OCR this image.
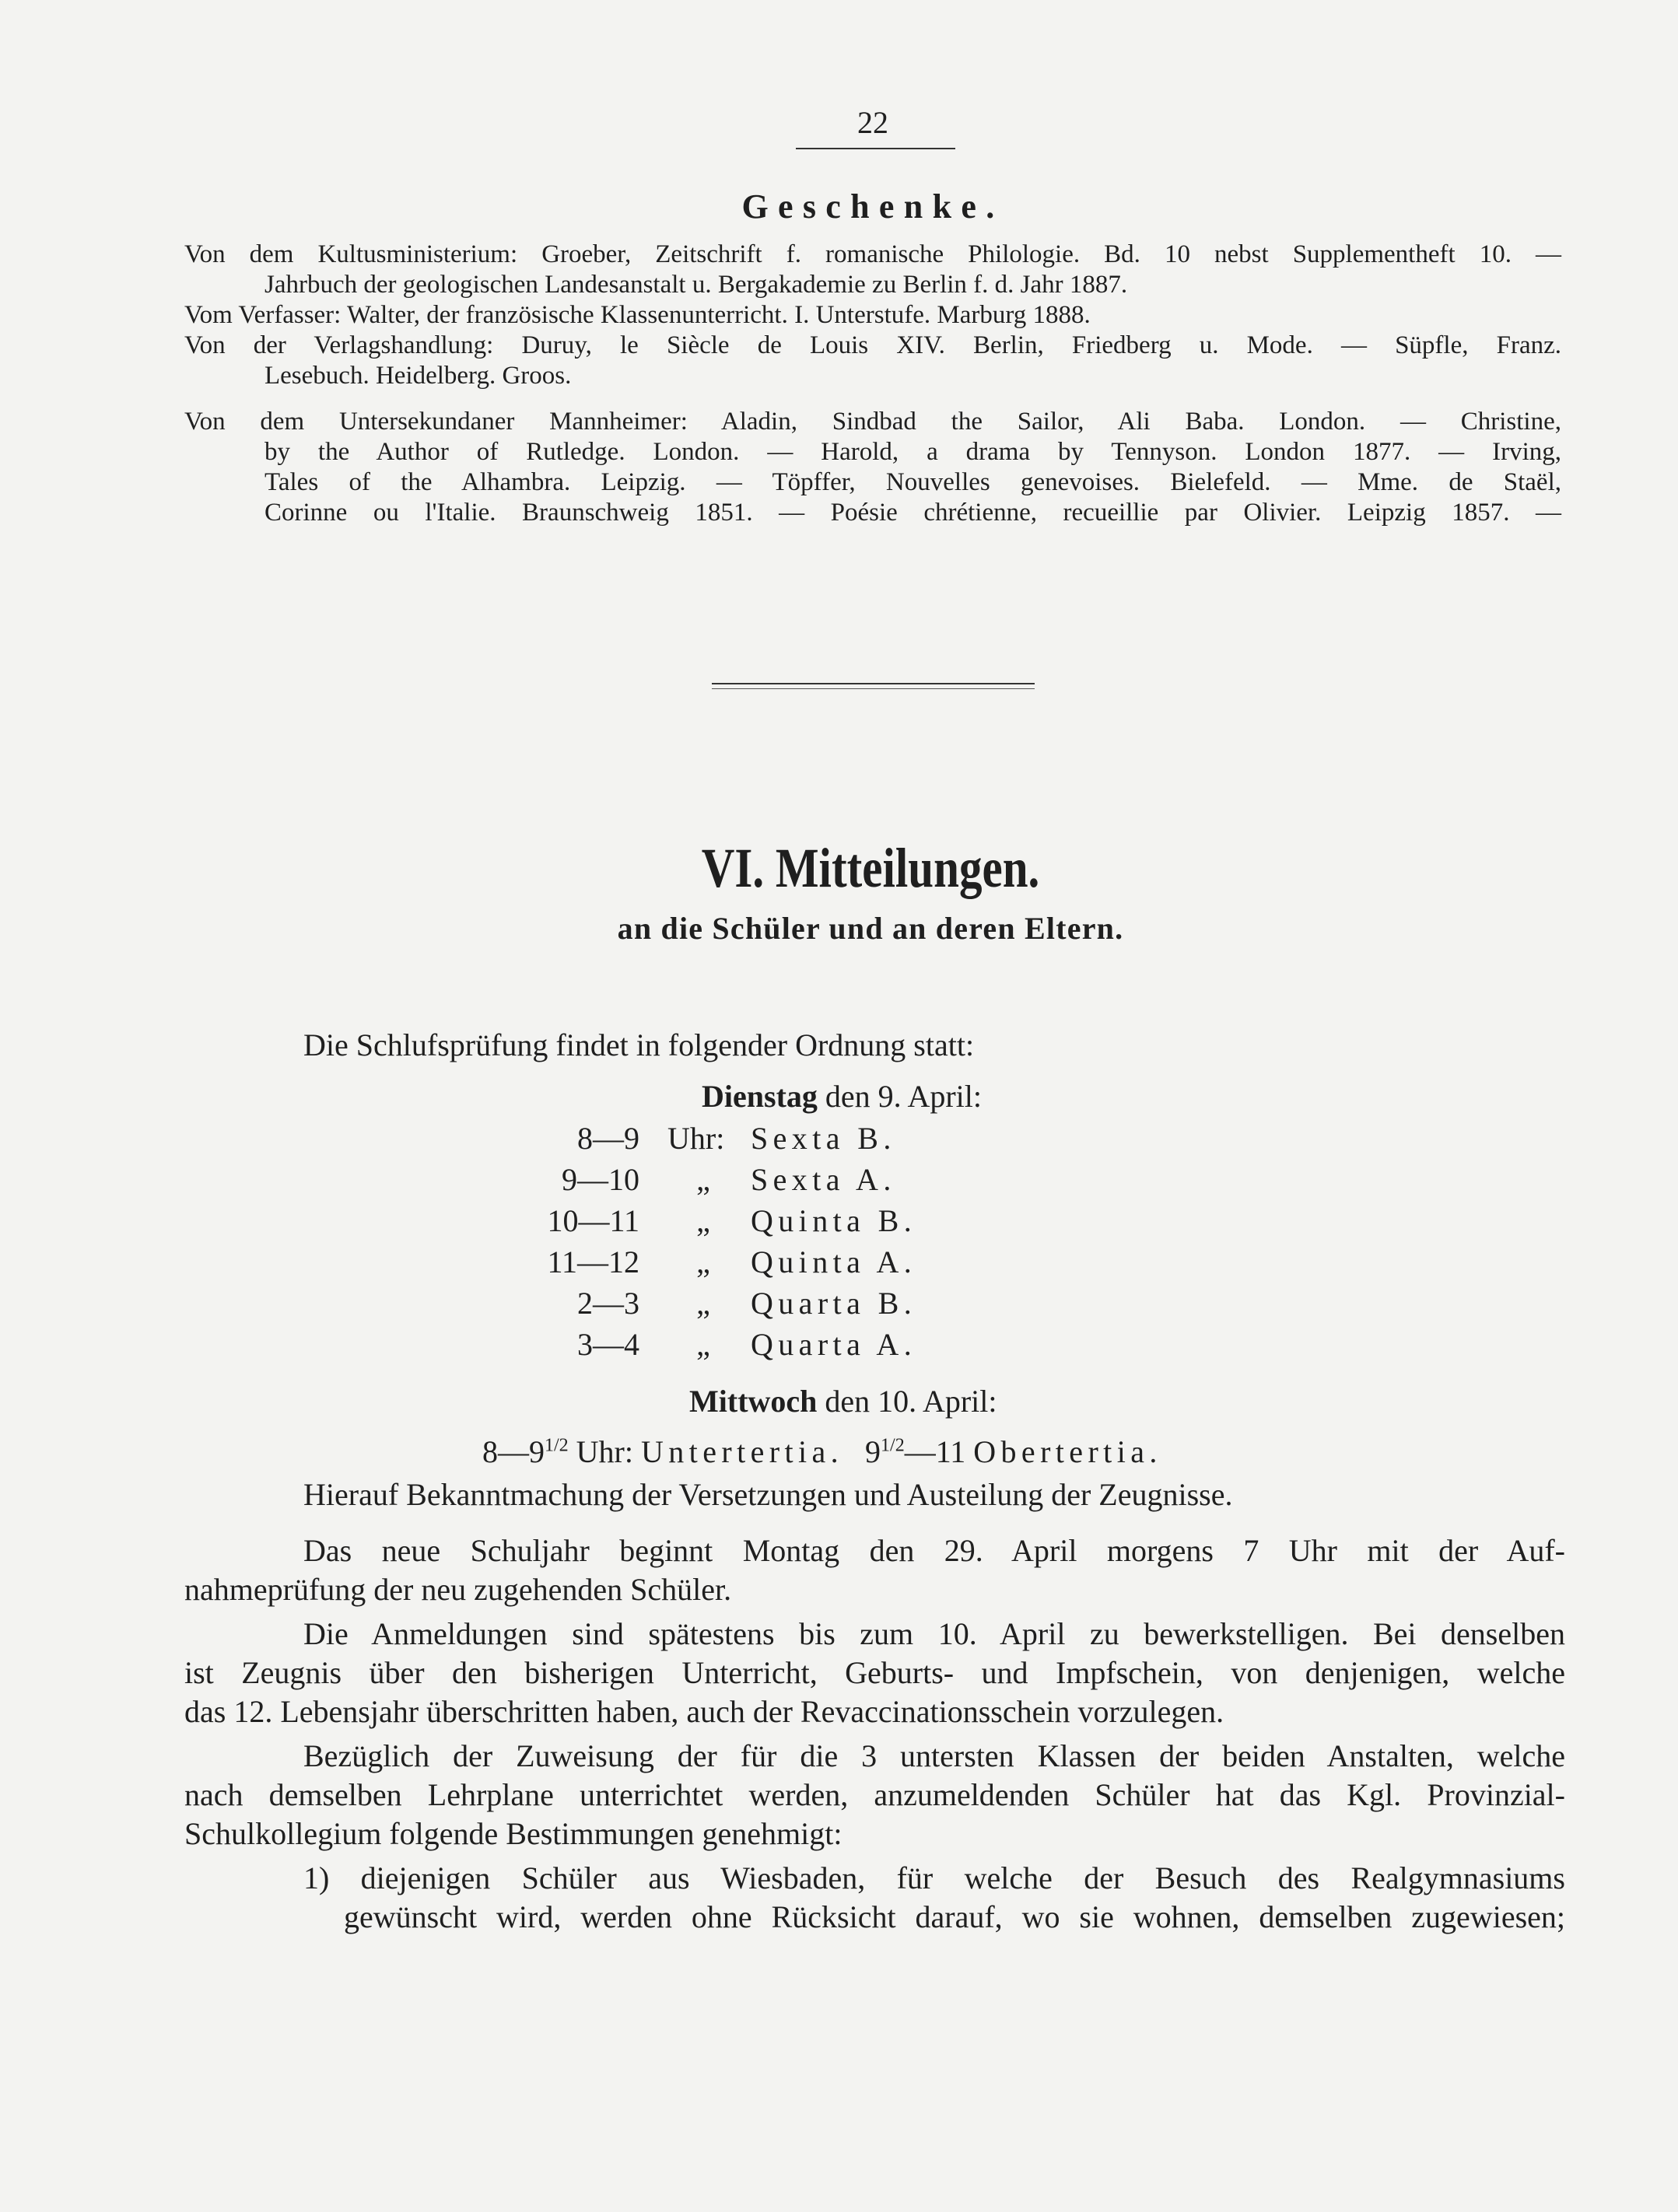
22
Geschenke.
Von dem Kultusministerium: Groeber, Zeitschrift f. romanische Philologie. Bd. 10 nebst Supplementheft 10. —
Jahrbuch der geologischen Landesanstalt u. Bergakademie zu Berlin f. d. Jahr 1887.
Vom Verfasser: Walter, der französische Klassenunterricht. I. Unterstufe. Marburg 1888.
Von der Verlagshandlung: Duruy, le Siècle de Louis XIV. Berlin, Friedberg u. Mode. — Süpfle, Franz.
Lesebuch. Heidelberg. Groos.
Von dem Untersekundaner Mannheimer: Aladin, Sindbad the Sailor, Ali Baba. London. — Christine,
by the Author of Rutledge. London. — Harold, a drama by Tennyson. London 1877. — Irving,
Tales of the Alhambra. Leipzig. — Töpffer, Nouvelles genevoises. Bielefeld. — Mme. de Staël,
Corinne ou l'Italie. Braunschweig 1851. — Poésie chrétienne, recueillie par Olivier. Leipzig 1857. —
VI. Mitteilungen.
an die Schüler und an deren Eltern.
Die Schlufsprüfung findet in folgender Ordnung statt:
Dienstag den 9. April:
8—9 Uhr: Sexta B.
9—10 „ Sexta A.
10—11 „ Quinta B.
11—12 „ Quinta A.
2—3 „ Quarta B.
3—4 „ Quarta A.
Mittwoch den 10. April:
$8—9^{1/2}$ Uhr: Untertertia. $9^{1/2}—11$ Obertertia.
Hierauf Bekanntmachung der Versetzungen und Austeilung der Zeugnisse.
Das neue Schuljahr beginnt Montag den 29. April morgens 7 Uhr mit der Auf-
nahmeprüfung der neu zugehenden Schüler.
Die Anmeldungen sind spätestens bis zum 10. April zu bewerkstelligen. Bei denselben
ist Zeugnis über den bisherigen Unterricht, Geburts- und Impfschein, von denjenigen, welche
das 12. Lebensjahr überschritten haben, auch der Revaccinationsschein vorzulegen.
Bezüglich der Zuweisung der für die 3 untersten Klassen der beiden Anstalten, welche
nach demselben Lehrplane unterrichtet werden, anzumeldenden Schüler hat das Kgl. Provinzial-
Schulkollegium folgende Bestimmungen genehmigt:
1) diejenigen Schüler aus Wiesbaden, für welche der Besuch des Realgymnasiums
gewünscht wird, werden ohne Rücksicht darauf, wo sie wohnen, demselben zugewiesen;
